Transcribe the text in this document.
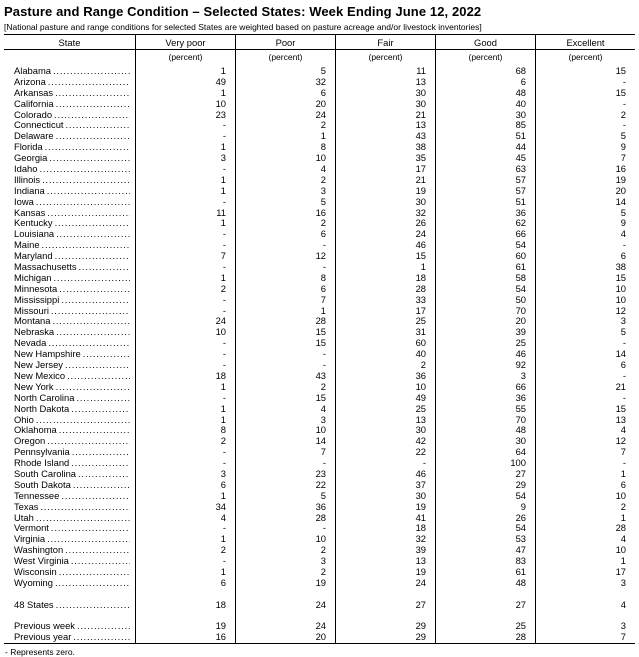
Pasture and Range Condition – Selected States: Week Ending June 12, 2022
[National pasture and range conditions for selected States are weighted based on pasture acreage and/or livestock inventories]
State	Very poor	Poor	Fair	Good	Excellent
(percent)	(percent)	(percent)	(percent)	(percent)
Alabama .....	1	5	11	68	15
Arizona .....	49	32	13	6	-
Arkansas .....	1	6	30	48	15
California .....	10	20	30	40	-
Colorado .....	23	24	21	30	2
Connecticut .....	-	2	13	85	-
Delaware .....	-	1	43	51	5
Florida .....	1	8	38	44	9
Georgia .....	3	10	35	45	7
Idaho .....	-	4	17	63	16
Illinois .....	1	2	21	57	19
Indiana .....	1	3	19	57	20
Iowa .....	-	5	30	51	14
Kansas .....	11	16	32	36	5
Kentucky .....	1	2	26	62	9
Louisiana .....	-	6	24	66	4
Maine .....	-	-	46	54	-
Maryland .....	7	12	15	60	6
Massachusetts .....	-	-	1	61	38
Michigan .....	1	8	18	58	15
Minnesota .....	2	6	28	54	10
Mississippi .....	-	7	33	50	10
Missouri .....	-	1	17	70	12
Montana .....	24	28	25	20	3
Nebraska .....	10	15	31	39	5
Nevada .....	-	15	60	25	-
New Hampshire .....	-	-	40	46	14
New Jersey .....	-	-	2	92	6
New Mexico .....	18	43	36	3	-
New York .....	1	2	10	66	21
North Carolina .....	-	15	49	36	-
North Dakota .....	1	4	25	55	15
Ohio .....	1	3	13	70	13
Oklahoma .....	8	10	30	48	4
Oregon .....	2	14	42	30	12
Pennsylvania .....	-	7	22	64	7
Rhode Island .....	-	-	-	100	-
South Carolina .....	3	23	46	27	1
South Dakota .....	6	22	37	29	6
Tennessee .....	1	5	30	54	10
Texas .....	34	36	19	9	2
Utah .....	4	28	41	26	1
Vermont .....	-	-	18	54	28
Virginia .....	1	10	32	53	4
Washington .....	2	2	39	47	10
West Virginia .....	-	3	13	83	1
Wisconsin .....	1	2	19	61	17
Wyoming .....	6	19	24	48	3
48 States .....	18	24	27	27	4
Previous week .....	19	24	29	25	3
Previous year .....	16	20	29	28	7
- Represents zero.
